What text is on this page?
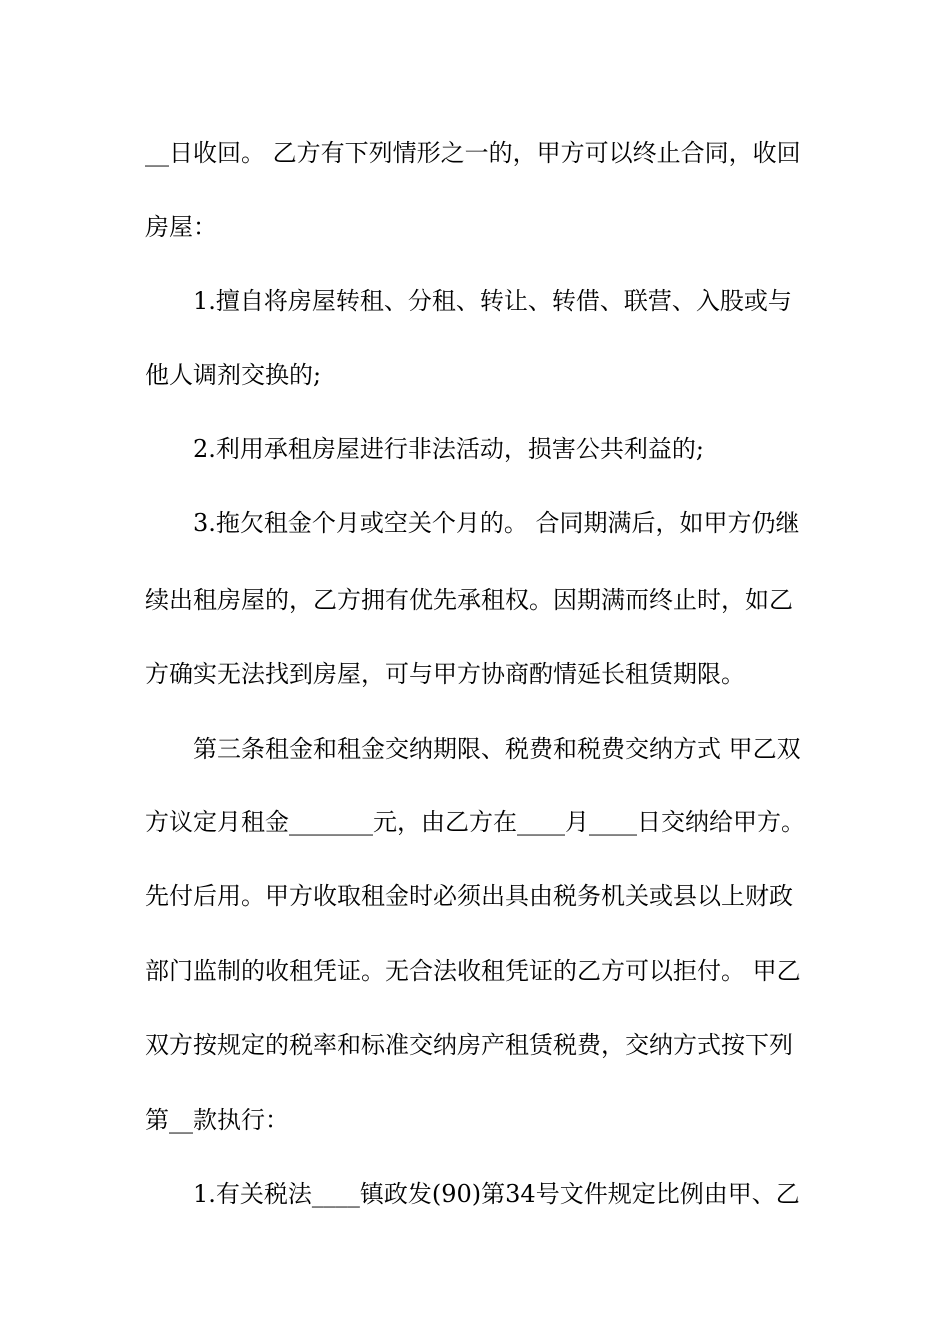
__日收回。 乙方有下列情形之一的，甲方可以终止合同，收回
房屋：
1.擅自将房屋转租、分租、转让、转借、联营、入股或与
他人调剂交换的;
2.利用承租房屋进行非法活动，损害公共利益的;
3.拖欠租金个月或空关个月的。 合同期满后，如甲方仍继
续出租房屋的，乙方拥有优先承租权。因期满而终止时，如乙
方确实无法找到房屋，可与甲方协商酌情延长租赁期限。
第三条租金和租金交纳期限、税费和税费交纳方式 甲乙双
方议定月租金_______元，由乙方在____月____日交纳给甲方。
先付后用。甲方收取租金时必须出具由税务机关或县以上财政
部门监制的收租凭证。无合法收租凭证的乙方可以拒付。 甲乙
双方按规定的税率和标准交纳房产租赁税费，交纳方式按下列
第__款执行：
1.有关税法____镇政发(90)第34号文件规定比例由甲、乙
